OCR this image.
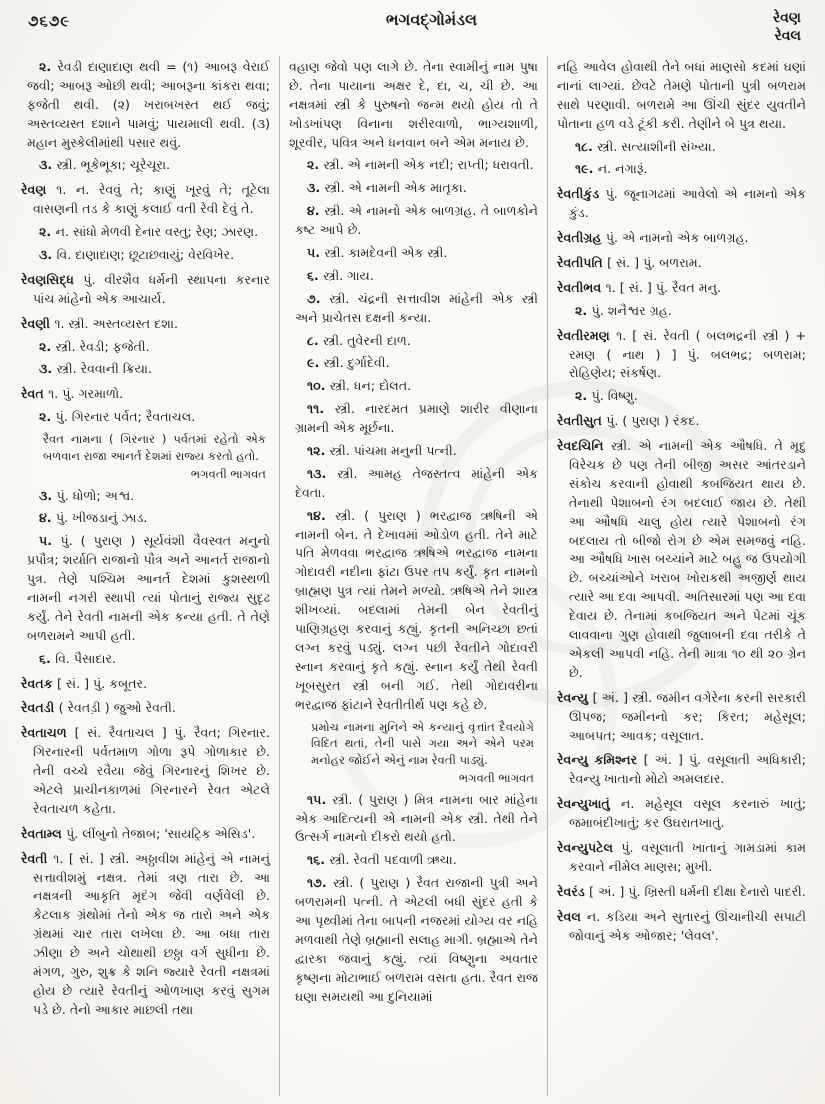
૭૬૭૯	ભગવદ્ગોમંડલ	રેવણ
રેવલ
૨. રેવડી દાણાદાણ થવી = (૧) આબરૂ વેરાઈ જવી; આબરૂ ઓછી થવી; આબરૂના કાંકરા થવા; ફજેતી થવી. (૨) ખરાબખસ્ત થઈ જવું; અસ્તવ્યસ્ત દશાને પામવું; પાયમાલી થવી. (૩) મહાન મુસ્કેલીમાંથી પસાર થવું.
૩. સ્ત્રી. ભૂકેભૂકા; ચૂરેચૂરા.
રેવણ ૧. ન. રેવવું તે; કાણું ખૂરવું તે; તૂટેલા વાસણની તડ કે કાણું કલાઈ વતી રેવી દેવું તે.
૨. ન. સાંધો મેળવી દેનાર વસ્તુ; રેણ; ઝારણ.
૩. વિ. દાણાદાણ; છૂટાછવાયું; વેરવિખેર.
રેવણસિદ્ધ પું. વીરશૈવ ધર્મની સ્થાપના કરનાર પાંચ માંહેનો એક આચાર્ય.
રેવણી ૧. સ્ત્રી. અસ્તવ્યસ્ત દશા.
૨. સ્ત્રી. રેવડી; ફજેતી.
૩. સ્ત્રી. રેવવાની ક્રિયા.
રેવત ૧. પું. ગરમાળો.
૨. પું. ગિરનાર પર્વત; રૈવતાચલ.
રૈવત નામના ( ગિરનાર ) પર્વતમાં રહેતો એક બળવાન રાજા આનર્ત દેશમાં રાજ્ય કરતો હતો.
ભગવતી ભાગવત
૩. પું. ધોળો; અશ્વ.
૪. પું. ખીજડાનું ઝાડ.
૫. પું. ( પુરાણ ) સૂર્યવંશી વૈવસ્વત મનુનો પ્રપૌત્ર; શર્યાતિ રાજાનો પૌત્ર અને આનર્ત રાજાનો પુત્ર. તેણે પશ્ચિમ આનર્ત દેશમાં કુશસ્થળી નામની નગરી સ્થાપી ત્યાં પોતાનું રાજ્ય સુદૃઢ કર્યું. તેને રેવતી નામની એક કન્યા હતી. તે તેણે બળરામને આપી હતી.
૬. વિ. પૈસાદાર.
રેવતક [ સં. ] પું. કબૂતર.
રેવતડી ( રેવતડ઼ી ) જુઓ રેવતી.
રેવતાચળ [ સં. રૈવતાચલ ] પું. રૈવત; ગિરનાર. ગિરનારની પર્વતમાળ ગોળા રૂપે ગોળાકાર છે. તેની વચ્ચે રવૈયા જેવું ગિરનારનું શિખર છે. એટલે પ્રાચીનકાળમાં ગિરનારને રેવત એટલે રેવતાચળ કહેતા.
રેવતામ્લ પું. લીંબુનો તેજાબ; 'સાયટ્રિક એસિડ'.
રેવતી ૧. [ સં. ] સ્ત્રી. અઠ્ઠાવીશ માંહેનું એ નામનું સત્તાવીશમું નક્ષત્ર. તેમાં ત્રણ તારા છે. આ નક્ષત્રની આકૃતિ મૃદંગ જેવી વર્ણવેલી છે. કેટલાક ગ્રંથોમાં તેનો એક જ તારો અને એક ગ્રંથમાં ચાર તારા લખેલા છે. આ બધા તારા ઝીણા છે અને ચોથાથી છઠ્ઠા વર્ગ સુધીના છે. મંગળ, ગુરુ, શુક્ર કે શનિ જ્યારે રેવતી નક્ષત્રમાં હોય છે ત્યારે રેવતીનું ઓળખાણ કરવું સુગમ પડે છે. તેનો આકાર માછલી તથા
વહાણ જેવો પણ લાગે છે. તેના સ્વામીનું નામ પુષા છે. તેના પાયાના અક્ષર દે, દા, ચ, ચી છે. આ નક્ષત્રમાં સ્ત્રી કે પુરુષનો જન્મ થયો હોય તો તે ખોડખાંપણ વિનાના શરીરવાળો, ભાગ્યશાળી, શૂરવીર, પવિત્ર અને ધનવાન બને એમ મનાય છે.
૨. સ્ત્રી. એ નામની એક નદી; રાપ્તી; ધરાવતી.
૩. સ્ત્રી. એ નામની એક માતૃકા.
૪. સ્ત્રી. એ નામનો એક બાળગ્રહ. તે બાળકોને કષ્ટ આપે છે.
૫. સ્ત્રી. કામદેવની એક સ્ત્રી.
૬. સ્ત્રી. ગાય.
૭. સ્ત્રી. ચંદ્રની સત્તાવીશ માંહેની એક સ્ત્રી અને પ્રાચેતસ દક્ષની કન્યા.
૮. સ્ત્રી. તુવેરની દાળ.
૯. સ્ત્રી. દુર્ગાદેવી.
૧૦. સ્ત્રી. ધન; દોલત.
૧૧. સ્ત્રી. નારદમત પ્રમાણે શારીર વીણાના ગ્રામની એક મૂર્છના.
૧૨. સ્ત્રી. પાંચમા મનુની પત્ની.
૧૩. સ્ત્રી. આમહ તેજસ્તત્વ માંહેની એક દેવતા.
૧૪. સ્ત્રી. ( પુરાણ ) ભરદ્વાજ ઋષિની એ નામની બેન. તે દેખાવમાં ઓડોળ હતી. તેને માટે પતિ મેળવવા ભરદ્વાજ ઋષિએ ભરદ્વાજ નામના ગોદાવરી નદીના ફાંટા ઉપર તપ કર્યું. કૃત નામનો બ્રાહ્મણ પુત્ર ત્યાં તેમને મળ્યો. ઋષિએ તેને શાસ્ત્ર શીખવ્યાં. બદલામાં તેમની બેન રેવતીનું પાણિગ્રહણ કરવાનું કહ્યું. કૃતની અનિચ્છા છતાં લગ્ન કરવું પડ્યું. લગ્ન પછી રેવતીને ગોદાવરી સ્નાન કરવાનું કૃતે કહ્યું. સ્નાન કર્યું તેથી રેવતી ખૂબસુરત સ્ત્રી બની ગઈ. તેથી ગોદાવરીના ભરદ્વાજ ફાંટાને રેવતીતીર્થ પણ કહે છે.
પ્રમોચ નામના મુનિને એ કન્યાનું વૃત્તાંત દૈવયોગે વિદિત થતાં, તેની પાસે ગયા અને એને પરમ મનોહર જોઈને એનું નામ રેવતી પાડ્યું.
ભગવતી ભાગવત
૧૫. સ્ત્રી. ( પુરાણ ) મિત્ર નામના બાર માંહેના એક આદિત્યની એ નામની એક સ્ત્રી. તેથી તેને ઉત્સર્ગ નામનો દીકરો થયો હતો.
૧૬. સ્ત્રી. રેવતી પદવાળી ઋચા.
૧૭. સ્ત્રી. ( પુરાણ ) રૈવત રાજાની પુત્રી અને બળરામની પત્ની. તે એટલી બધી સુંદર હતી કે આ પૃથ્વીમાં તેના બાપની નજરમાં યોગ્ય વર નહિ મળવાથી તેણે બ્રહ્માની સલાહ માગી. બ્રહ્માએ તેને દ્વારકા જવાનું કહ્યું. ત્યાં વિષ્ણુના અવતાર કૃષ્ણના મોટાભાઈ બળરામ વસતા હતા. રૈવત રાજ ઘણા સમયથી આ દુનિયામાં
નહિ આવેલ હોવાથી તેને બધાં માણસો કદમાં ઘણાં નાનાં લાગ્યાં. છેવટે તેમણે પોતાની પુત્રી બળરામ સાથે પરણાવી. બળરામે આ ઊંચી સુંદર યુવતીને પોતાના હળ વડે ટૂંકી કરી. તેણીને બે પુત્ર થયા.
૧૮. સ્ત્રી. સત્યાશીની સંખ્યા.
૧૯. ન. નગારૂં.
રેવતીકુંડ પું. જૂનાગઢમાં આવેલો એ નામનો એક કુંડ.
રેવતીગ્રહ પું. એ નામનો એક બાળગ્રહ.
રેવતીપતિ [ સં. ] પું. બળરામ.
રેવતીભવ ૧. [ સં. ] પું. રૈવત મનુ.
૨. પું. શનૈશ્વર ગ્રહ.
રેવતીરમણ ૧. [ સં. રેવતી ( બલભદ્રની સ્ત્રી ) + રમણ ( નાથ ) ] પું. બલભદ્ર; બળરામ; રોહિણેય; સંકર્ષણ.
૨. પું. વિષ્ણુ.
રેવતીસુત પું. ( પુરાણ ) રંકદ.
રેવદચિનિ સ્ત્રી. એ નામની એક ઔષધિ. તે મૃદુ વિરેચક છે પણ તેની બીજી અસર આંતરડાને સંકોચ કરવાની હોવાથી કબજિયત થાય છે. તેનાથી પેશાબનો રંગ બદલાઈ જાય છે. તેથી આ ઔષધિ ચાલુ હોય ત્યારે પેશાબનો રંગ બદલાય તો બીજો રોગ છે એમ સમજવું નહિ. આ ઔષધિ ખાસ બચ્ચાંને માટે બહુ જ ઉપયોગી છે. બચ્ચાંઓને ખરાબ ખોરાકથી અજીર્ણ થાય ત્યારે આ દવા આપવી. અતિસારમાં પણ આ દવા દેવાય છે. તેનામાં કબજિયત અને પેટમાં ચૂંક લાવવાના ગુણ હોવાથી જુલાબની દવા તરીકે તે એકલી આપવી નહિ. તેની માત્રા ૧૦ થી ૨૦ ગ્રેન છે.
રેવન્યુ [ અં. ] સ્ત્રી. જમીન વગેરેના કરની સરકારી ઊપજ; જમીનનો કર; કિરત; મહેસૂલ; આબપત; આવક; વસૂલાત.
રેવન્યુ કમિશ્નર [ અં. ] પું. વસૂલાતી અધિકારી; રેવન્યુ ખાતાનો મોટો અમલદાર.
રેવન્યુખાતું ન. મહેસૂલ વસૂલ કરનારું ખાતું; જમાબંદીખાતું; કર ઉઘરાતખાતું.
રેવન્યુપટેલ પું. વસૂલાતી ખાતાનું ગામડામાં કામ કરવાને નીમેલ માણસ; મુખી.
રેવરંડ [ અં. ] પું. ખ્રિસ્તી ધર્મની દીક્ષા દેનારો પાદરી.
રેવલ ન. કડિયા અને સુતારનું ઊંચાનીચી સપાટી જોવાનું એક ઓજાર; 'લેવલ'.
